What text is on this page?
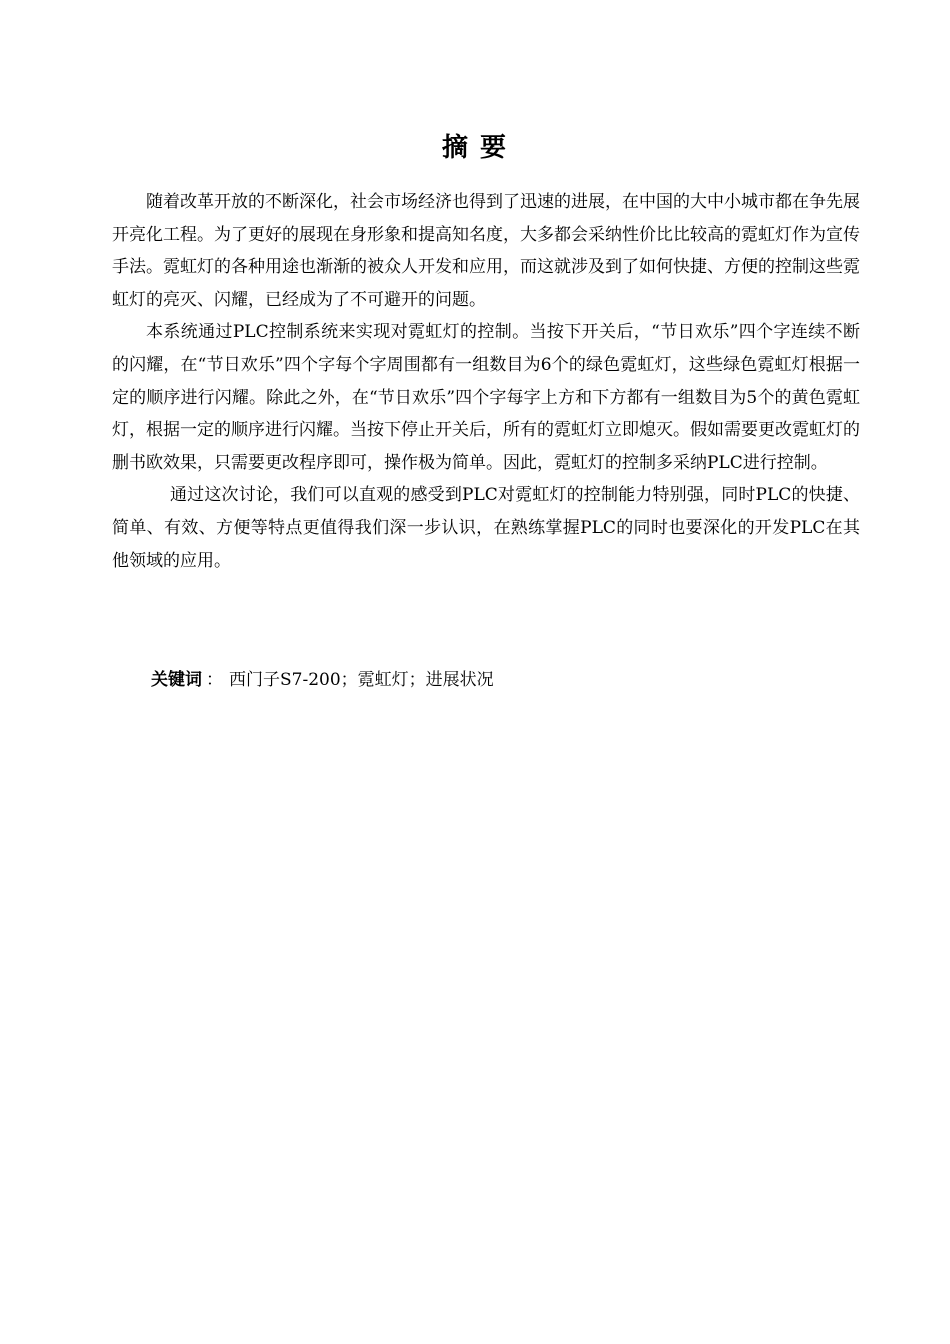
摘要

随着改革开放的不断深化，社会市场经济也得到了迅速的进展，在中国的大中小城市都在争先展开亮化工程。为了更好的展现在身形象和提高知名度，大多都会采纳性价比比较高的霓虹灯作为宣传手法。霓虹灯的各种用途也渐渐的被众人开发和应用，而这就涉及到了如何快捷、方便的控制这些霓虹灯的亮灭、闪耀，已经成为了不可避开的问题。

本系统通过PLC控制系统来实现对霓虹灯的控制。当按下开关后，“节日欢乐”四个字连续不断的闪耀，在“节日欢乐”四个字每个字周围都有一组数目为6个的绿色霓虹灯，这些绿色霓虹灯根据一定的顺序进行闪耀。除此之外，在“节日欢乐”四个字每字上方和下方都有一组数目为5个的黄色霓虹灯，根据一定的顺序进行闪耀。当按下停止开关后，所有的霓虹灯立即熄灭。假如需要更改霓虹灯的删书欧效果，只需要更改程序即可，操作极为简单。因此，霓虹灯的控制多采纳PLC进行控制。

通过这次讨论，我们可以直观的感受到PLC对霓虹灯的控制能力特别强，同时PLC的快捷、简单、有效、方便等特点更值得我们深一步认识，在熟练掌握PLC的同时也要深化的开发PLC在其他领域的应用。

关键词 ： 西门子S7-200；霓虹灯；进展状况
